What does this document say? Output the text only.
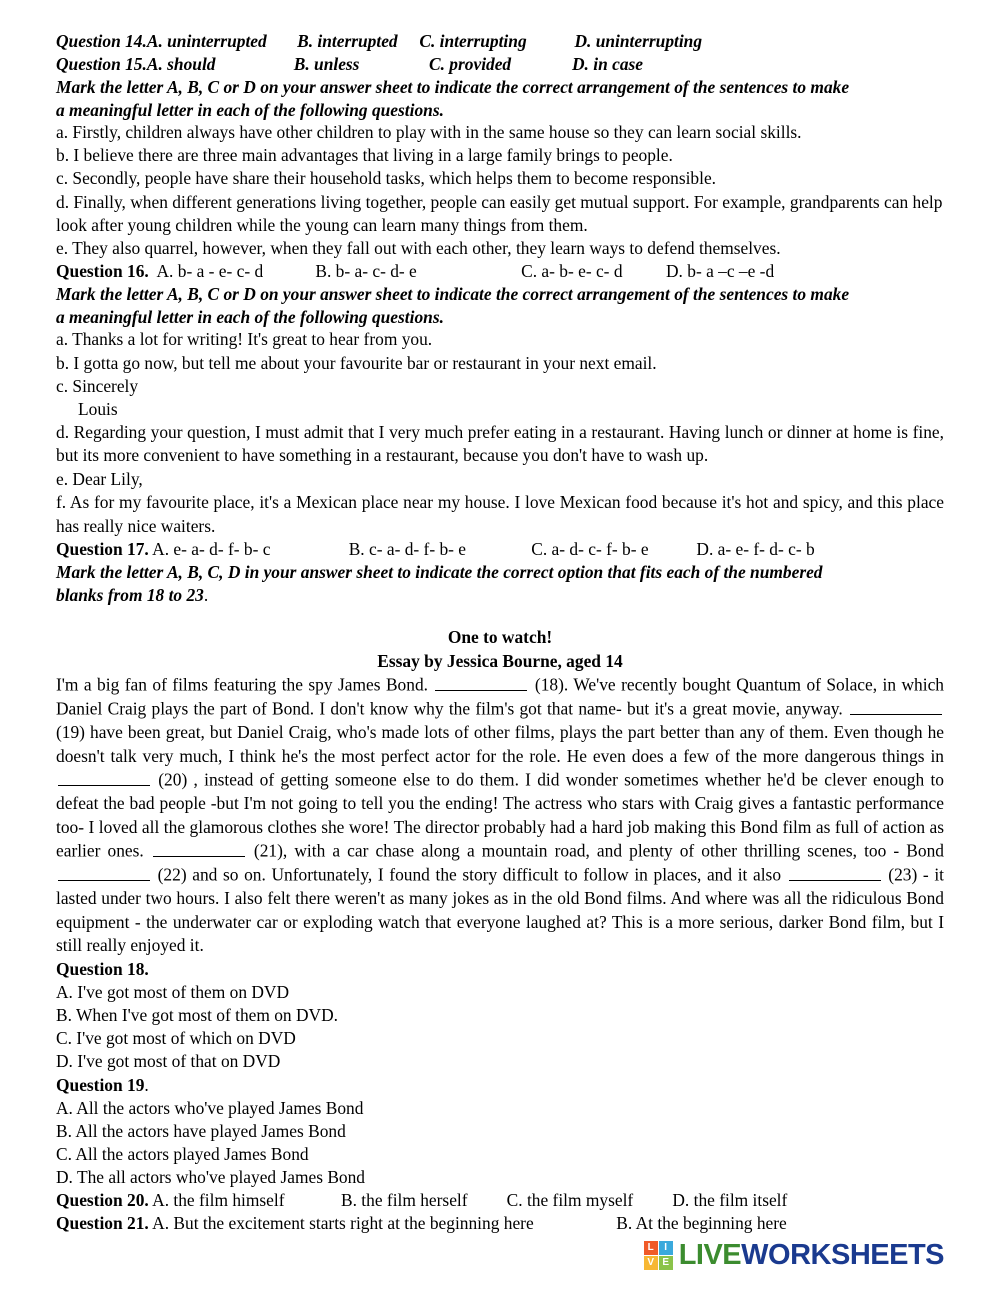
Question 14.A. uninterrupted       B. interrupted     C. interrupting           D. uninterrupting
Question 15.A. should                  B. unless                C. provided              D. in case
Mark the letter A, B, C or D on your answer sheet to indicate the correct arrangement of the sentences to make
a meaningful letter in each of the following questions.
a. Firstly, children always have other children to play with in the same house so they can learn social skills.
b. I believe there are three main advantages that living in a large family brings to people.
c. Secondly, people have share their household tasks, which helps them to become responsible.
d. Finally, when different generations living together, people can easily get mutual support. For example, grandparents can help look after young children while the young can learn many things from them.
e. They also quarrel, however, when they fall out with each other, they learn ways to defend themselves.
Question 16.  A. b- a - e- c- d            B. b- a- c- d- e                        C. a- b- e- c- d          D. b- a –c –e -d
Mark the letter A, B, C or D on your answer sheet to indicate the correct arrangement of the sentences to make
a meaningful letter in each of the following questions.
a. Thanks a lot for writing! It's great to hear from you.
b. I gotta go now, but tell me about your favourite bar or restaurant in your next email.
c. Sincerely
Louis
d. Regarding your question, I must admit that I very much prefer eating in a restaurant. Having lunch or dinner at home is fine, but its more convenient to have something in a restaurant, because you don't have to wash up.
e. Dear Lily,
f. As for my favourite place, it's a Mexican place near my house. I love Mexican food because it's hot and spicy, and this place has really nice waiters.
Question 17. A. e- a- d- f- b- c                  B. c- a- d- f- b- e               C. a- d- c- f- b- e           D. a- e- f- d- c- b
Mark the letter A, B, C, D in your answer sheet to indicate the correct option that fits each of the numbered
blanks from 18 to 23.
One to watch!
Essay by Jessica Bourne, aged 14
I'm a big fan of films featuring the spy James Bond.	(18). We've recently bought Quantum of Solace, in which Daniel Craig plays the part of Bond. I don't know why the film's got that name- but it's a great movie, anyway.  (19) have been great, but Daniel Craig, who's made lots of other films, plays the part better than any of them. Even though he doesn't talk very much, I think he's the most perfect actor for the role. He even does a few of the more dangerous things in  (20) , instead of getting someone else to do them. I did wonder sometimes whether he'd be clever enough to defeat the bad people -but I'm not going to tell you the ending! The actress who stars with Craig gives a fantastic performance too- I loved all the glamorous clothes she wore! The director probably had a hard job making this Bond film as full of action as earlier ones.	(21), with a car chase along a mountain road, and plenty of other thrilling scenes, too - Bond  (22) and so on. Unfortunately, I found the story difficult to follow in places, and it also	(23) - it lasted under two hours. I also felt there weren't as many jokes as in the old Bond films. And where was all the ridiculous Bond equipment - the underwater car or exploding watch that everyone laughed at? This is a more serious, darker Bond film, but I still really enjoyed it.
Question 18.
A. I've got most of them on DVD
B. When I've got most of them on DVD.
C. I've got most of which on DVD
D. I've got most of that on DVD
Question 19.
A. All the actors who've played James Bond
B. All the actors have played James Bond
C. All the actors played James Bond
D. The all actors who've played James Bond
Question 20. A. the film himself             B. the film herself         C. the film myself         D. the film itself
Question 21. A. But the excitement starts right at the beginning here                   B. At the beginning here
L	I
V E LIVEWORKSHEETS
